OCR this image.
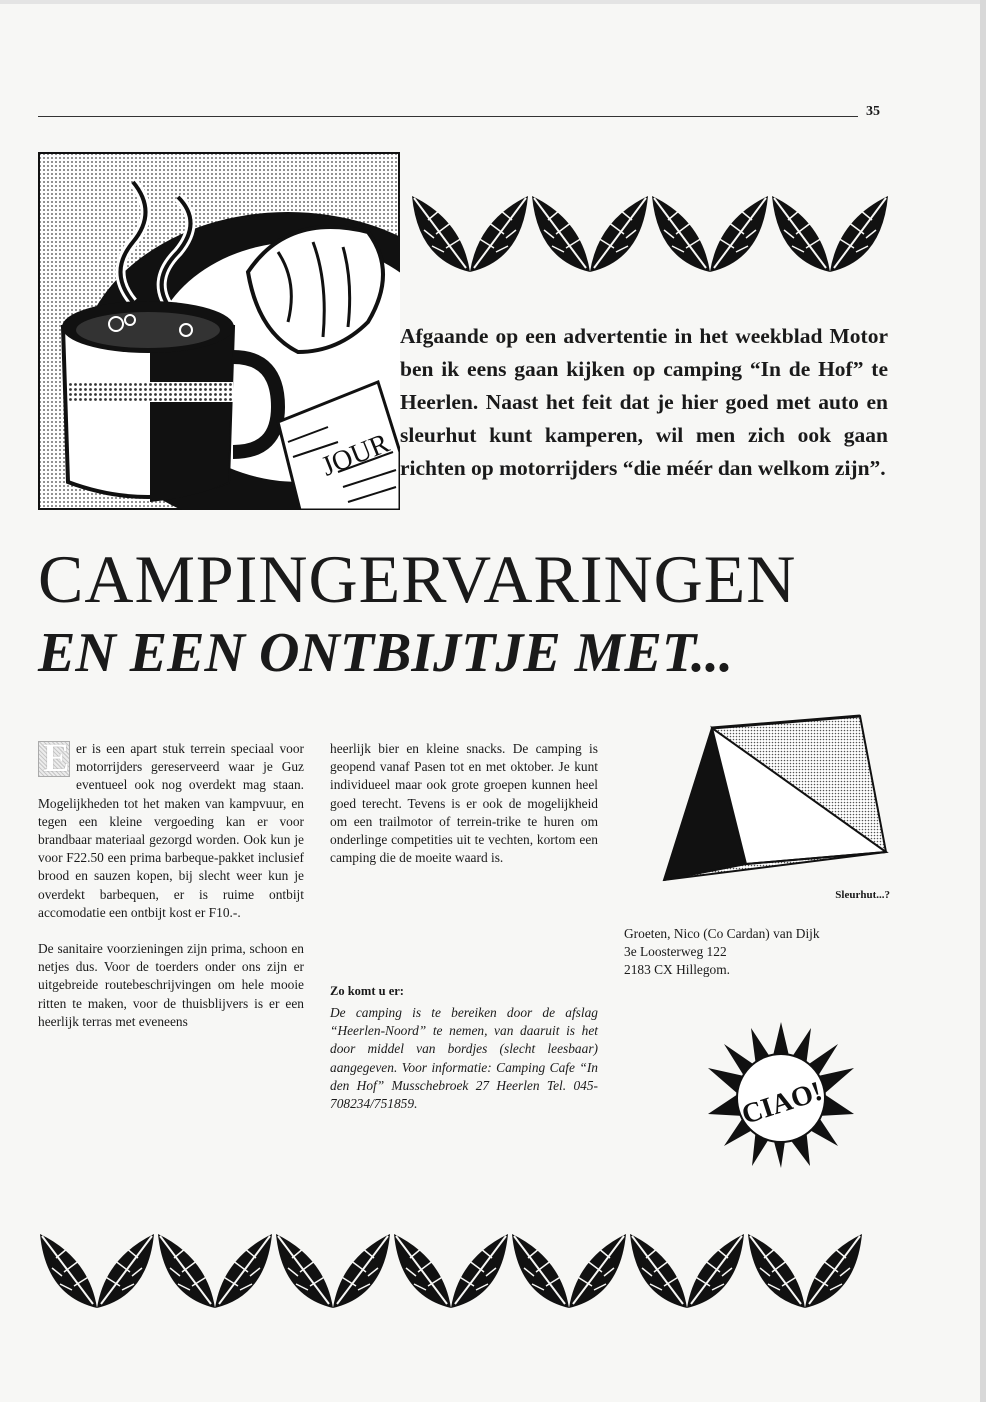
35
JOUR
Afgaande op een advertentie in het weekblad Motor ben ik eens gaan kijken op camping “In de Hof” te Heerlen. Naast het feit dat je hier goed met auto en sleurhut kunt kamperen, wil men zich ook gaan richten op motorrijders “die méér dan welkom zijn”.
CAMPINGERVARINGEN
EN EEN ONTBIJTJE MET...

E er is een apart stuk terrein speciaal voor motorrijders gereserveerd waar je Guz eventueel ook nog overdekt mag staan. Mogelijkheden tot het maken van kampvuur, en tegen een kleine vergoeding kan er voor brandbaar materiaal gezorgd worden. Ook kun je voor F22.50 een prima barbeque-pakket inclusief brood en sauzen kopen, bij slecht weer kun je overdekt barbequen, er is ruime ontbijt accomodatie een ontbijt kost er F10.-.

De sanitaire voorzieningen zijn prima, schoon en netjes dus. Voor de toerders onder ons zijn er uitgebreide routebeschrijvingen om hele mooie ritten te maken, voor de thuisblijvers is er een heerlijk terras met eveneens

heerlijk bier en kleine snacks. De camping is geopend vanaf Pasen tot en met oktober. Je kunt individueel maar ook grote groepen kunnen heel goed terecht. Tevens is er ook de mogelijkheid om een trailmotor of terrein-trike te huren om onderlinge competities uit te vechten, kortom een camping die de moeite waard is.

Zo komt u er:
De camping is te bereiken door de afslag “Heerlen-Noord” te nemen, van daaruit is het door middel van bordjes (slecht leesbaar) aangegeven. Voor informatie: Camping Cafe “In den Hof” Musschebroek 27 Heerlen Tel. 045-708234/751859.
Sleurhut...?
Groeten, Nico (Co Cardan) van Dijk
3e Loosterweg 122
2183 CX Hillegom.
CIAO!
